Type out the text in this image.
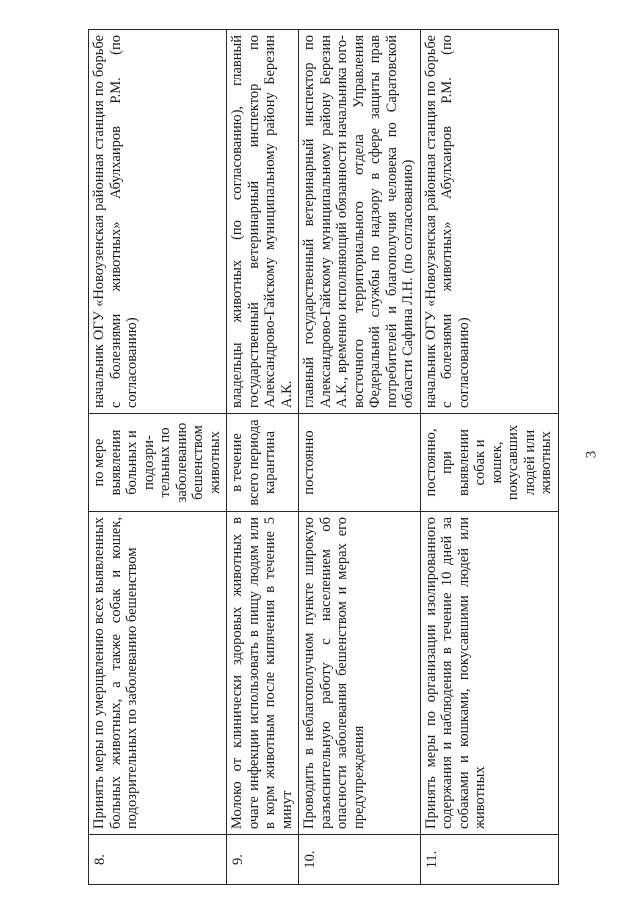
8.	Принять меры по умерщвлению всех выявленных больных животных, а также собак и кошек, подозрительных по заболеванию бешенством	по мере выявления больных и подозри-тельных по заболеванию бешенством животных	начальник ОГУ «Новоузенская районная станция по борьбе с болезнями животных» Абулхаиров Р.М. (по согласованию)
9.	Молоко от клинически здоровых животных в очаге инфекции использовать в пищу людям или в корм животным после кипячения в течение 5 минут	в течение всего периода карантина	владельцы животных (по согласованию), главный государственный ветеринарный инспектор по Александрово-Гайскому муниципальному району Березин А.К.
10.	Проводить в неблагополучном пункте широкую разъяснительную работу с населением об опасности заболевания бешенством и мерах его предупреждения	постоянно	главный государственный ветеринарный инспектор по Александрово-Гайскому муниципальному району Березин А.К., временно исполняющий обязанности начальника юго-восточного территориального отдела Управления Федеральной службы по надзору в сфере защиты прав потребителей и благополучия человека по Саратовской области Сафина Л.Н. (по согласованию)
11.	Принять меры по организации изолированного содержания и наблюдения в течение 10 дней за собаками и кошками, покусавшими людей или животных	постоянно, при выявлении собак и кошек, покусавших людей или животных	начальник ОГУ «Новоузенская районная станция по борьбе с болезнями животных» Абулхаиров Р.М. (по согласованию)
3
